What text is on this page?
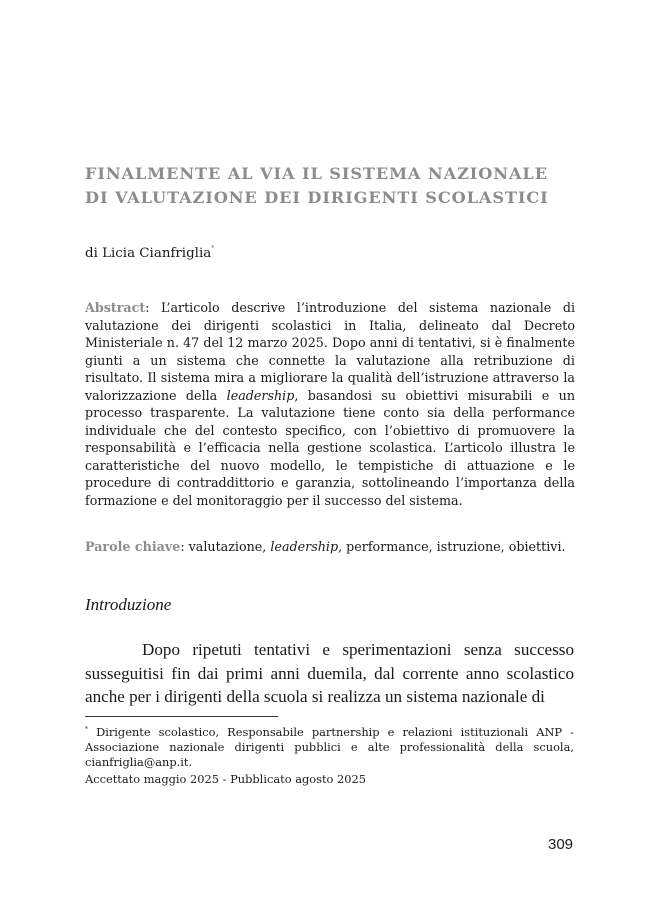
FINALMENTE AL VIA IL SISTEMA NAZIONALE DI VALUTAZIONE DEI DIRIGENTI SCOLASTICI
di Licia Cianfriglia*

Abstract: L’articolo descrive l’introduzione del sistema nazionale di valutazione dei dirigenti scolastici in Italia, delineato dal Decreto Ministeriale n. 47 del 12 marzo 2025. Dopo anni di tentativi, si è finalmente giunti a un sistema che connette la valutazione alla retribuzione di risultato. Il sistema mira a migliorare la qualità dell’istruzione attraverso la valorizzazione della leadership, basandosi su obiettivi misurabili e un processo trasparente. La valutazione tiene conto sia della performance individuale che del contesto specifico, con l’obiettivo di promuovere la responsabilità e l’efficacia nella gestione scolastica. L’articolo illustra le caratteristiche del nuovo modello, le tempistiche di attuazione e le procedure di contraddittorio e garanzia, sottolineando l’importanza della formazione e del monitoraggio per il successo del sistema.

Parole chiave: valutazione, leadership, performance, istruzione, obiettivi.

Introduzione

Dopo ripetuti tentativi e sperimentazioni senza successo susseguitisi fin dai primi anni duemila, dal corrente anno scolastico anche per i dirigenti della scuola si realizza un sistema nazionale di

* Dirigente scolastico, Responsabile partnership e relazioni istituzionali ANP - Associazione nazionale dirigenti pubblici e alte professionalità della scuola, cianfriglia@anp.it.

Accettato maggio 2025 - Pubblicato agosto 2025

309
